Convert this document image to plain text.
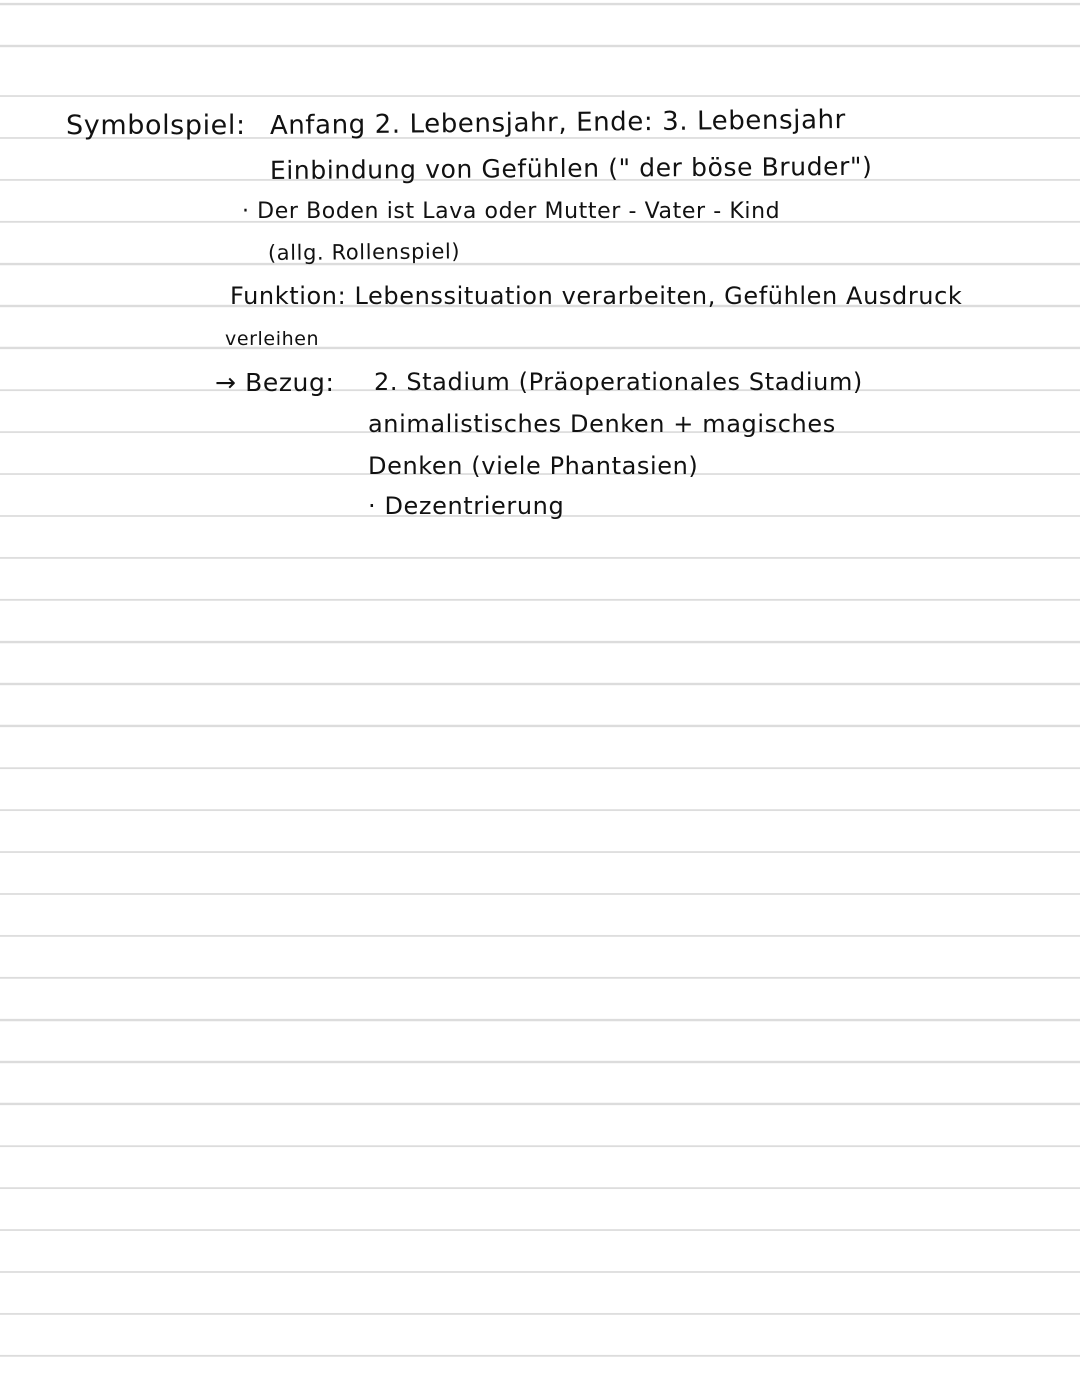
Symbolspiel: Anfang 2. Lebensjahr, Ende: 3. Lebensjahr
Einbindung von Gefühlen (" der böse Bruder")
· Der Boden ist Lava oder Mutter - Vater - Kind
(allg. Rollenspiel)
Funktion: Lebenssituation verarbeiten, Gefühlen Ausdruck
verleihen
→ Bezug: 2. Stadium (Präoperationales Stadium)
animalistisches Denken + magisches
Denken (viele Phantasien)
· Dezentrierung
